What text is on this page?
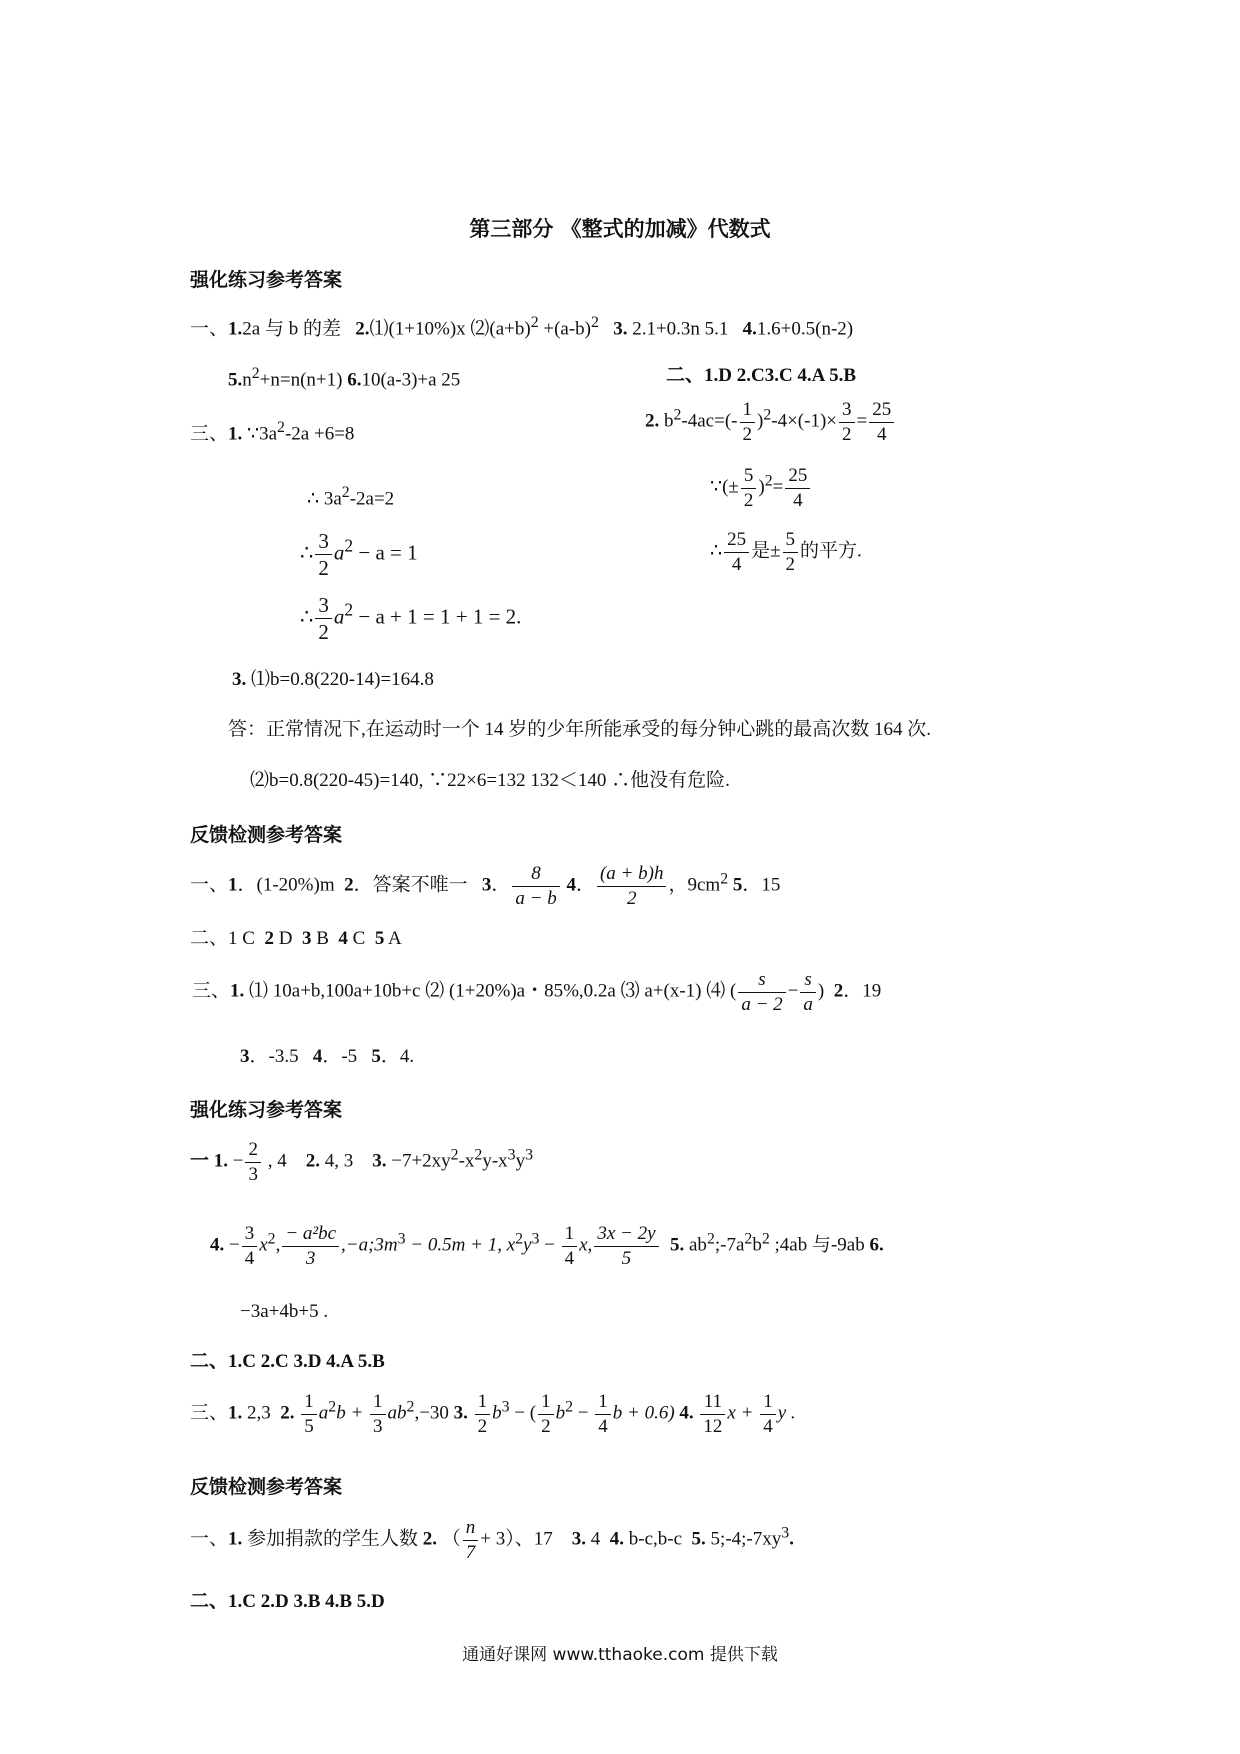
第三部分 《整式的加减》代数式
强化练习参考答案
一、1.2a 与 b 的差 2.⑴(1+10%)x $⑵(a+b)^2 +(a-b)^2$ 3. 2.1+0.3n 5.1 4.1.6+0.5(n-2)
$5.n^2+n=n(n+1)$ 6.10(a-3)+a 25	二、1.D 2.C3.C 4.A 5.B
三、1. $\because 3a^2-2a +6=8$
2. $b^2-4ac=(- \frac{1}{2} )^2-4\times(-1)\times \frac{3}{2} = \frac{25}{4}$
∴ $3a^2-2a=2$
∵(± $\frac{5}{2} )^2= \frac{25}{4}$
∴ $\frac{3}{2} a^2 - a = 1$	∴ $\frac{25}{4}$ 是± $\frac{5}{2}$ 的平方.
∴ $\frac{3}{2} a^2 - a + 1 = 1 + 1 = 2$.
3. ⑴b=0.8(220-14)=164.8
答：正常情况下,在运动时一个 14 岁的少年所能承受的每分钟心跳的最高次数 164 次.
⑵b=0.8(220-45)=140, ∵22×6=132 132＜140 ∴他没有危险.
反馈检测参考答案
一、1．(1-20%)m 2．答案不唯一 3． $\frac{8}{a - b} 4$． $\frac{(a + b)h}{2}$ ，$9cm^2$ 5．15
二、1 C 2 D 3 B 4 C 5 A
三、1. ⑴ 10a+b,100a+10b+c ⑵ (1+20%)a・85%,0.2a ⑶ a+(x-1) ⑷ ( $\frac{s}{a - 2} - \frac{s}{a}$ ) 2．19
3．-3.5 4．-5 5．4.
强化练习参考答案
一 1. − $\frac{2}{3}$ , 4 2. 4, 3 3. $-7+2xy^2-x^2y-x^3y^3$
4. − $\frac{3}{4} x^2$, $\frac{\text{− a²bc}}{3}$ $,-a;3m^3 - 0.5m + 1$, $x^2y^3 - \frac{1}{4} x$, $\frac{3x - 2y}{5} 5$. $ab^2;-7a^2b^2$ ;4ab 与-9ab 6.
−3a+4b+5 .
二、1.C 2.C 3.D 4.A 5.B
三、1. 2,3 2. $\frac{1}{5} a^2b + \frac{1}{3} ab^2,-30$ 3. $\frac{1}{2} b^3$ − ( $\frac{1}{2} b^2 - \frac{1}{4}$ b + 0.6) 4. $\frac{11}{12}$ $x + \frac{1}{4}$ y .
反馈检测参考答案
一、1. 参加捐款的学生人数 2. （ $\frac{n}{7} + 3$）、17 3. 4 4. b-c,b-c 5. $5;-4;-7xy^3$.
二、1.C 2.D 3.B 4.B 5.D
通通好课网 www.tthaoke.com 提供下载
